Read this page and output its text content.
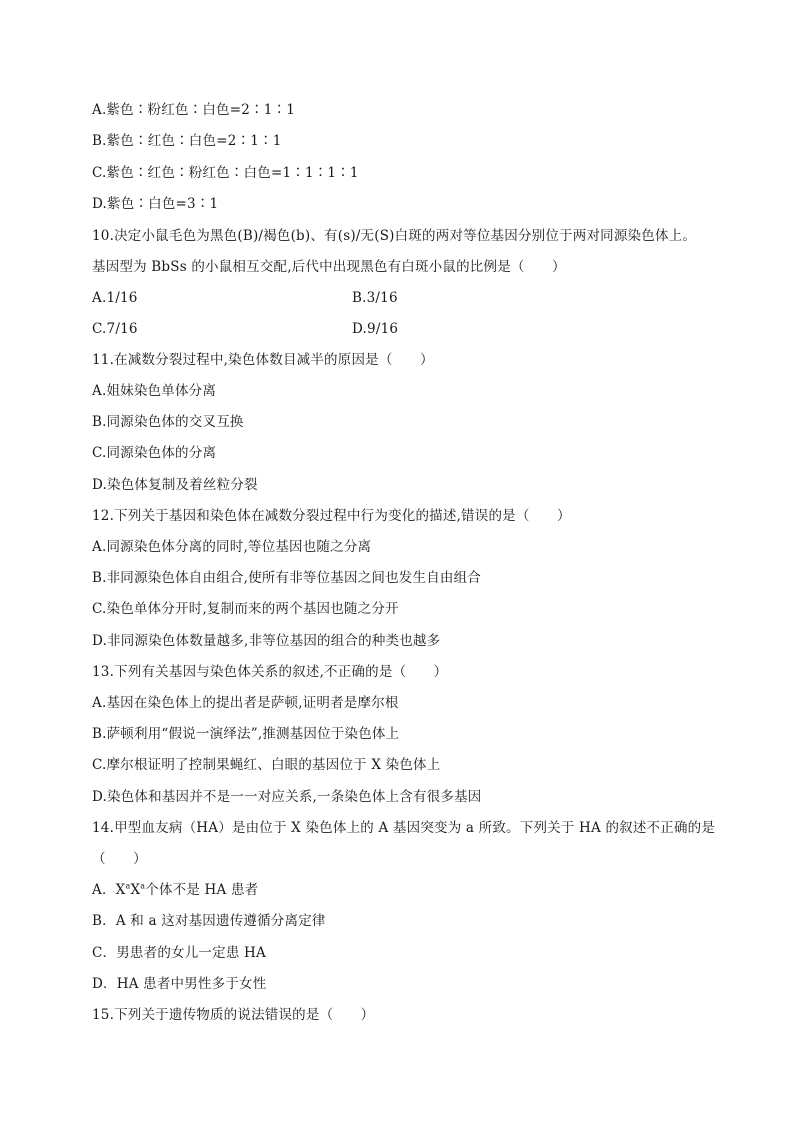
A.紫色∶粉红色∶白色=2∶1∶1
B.紫色∶红色∶白色=2∶1∶1
C.紫色∶红色∶粉红色∶白色=1∶1∶1∶1
D.紫色∶白色=3∶1
10.决定小鼠毛色为黑色(B)/褐色(b)、有(s)/无(S)白斑的两对等位基因分别位于两对同源染色体上。
基因型为 BbSs 的小鼠相互交配,后代中出现黑色有白斑小鼠的比例是（　　）
A.1/16	B.3/16
C.7/16	D.9/16
11.在减数分裂过程中,染色体数目减半的原因是（　　）
A.姐妹染色单体分离
B.同源染色体的交叉互换
C.同源染色体的分离
D.染色体复制及着丝粒分裂
12.下列关于基因和染色体在减数分裂过程中行为变化的描述,错误的是（　　）
A.同源染色体分离的同时,等位基因也随之分离
B.非同源染色体自由组合,使所有非等位基因之间也发生自由组合
C.染色单体分开时,复制而来的两个基因也随之分开
D.非同源染色体数量越多,非等位基因的组合的种类也越多
13.下列有关基因与染色体关系的叙述,不正确的是（　　）
A.基因在染色体上的提出者是萨顿,证明者是摩尔根
B.萨顿利用“假说一演绎法”,推测基因位于染色体上
C.摩尔根证明了控制果蝇红、白眼的基因位于 X 染色体上
D.染色体和基因并不是一一对应关系,一条染色体上含有很多基因
14.甲型血友病（HA）是由位于 X 染色体上的 A 基因突变为 a 所致。下列关于 HA 的叙述不正确的是
（　　）
A．$X^aX^a$个体不是 HA 患者
B．A 和 a 这对基因遗传遵循分离定律
C．男患者的女儿一定患 HA
D．HA 患者中男性多于女性
15.下列关于遗传物质的说法错误的是（　　）
